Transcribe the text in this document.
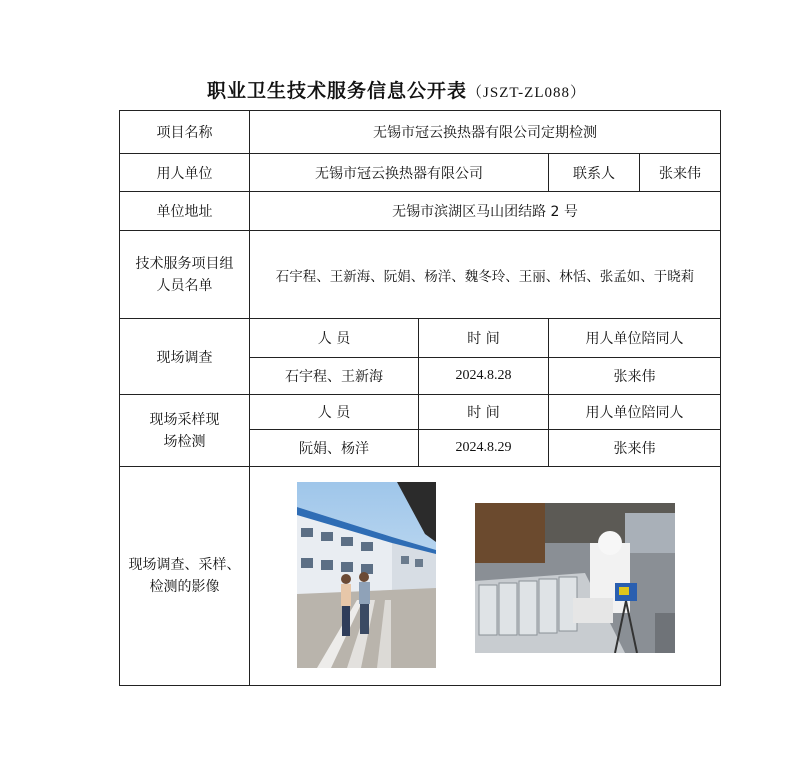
职业卫生技术服务信息公开表（JSZT-ZL088）
项目名称	无锡市冠云换热器有限公司定期检测			
用人单位	无锡市冠云换热器有限公司		联系人	张来伟
单位地址	无锡市滨湖区马山团结路 2 号			
技术服务项目组人员名单	石宇程、王新海、阮娟、杨洋、魏冬玲、王丽、林恬、张孟如、于晓莉			
现场调查	人 员	时 间	用人单位陪同人	
	石宇程、王新海	2024.8.28	张来伟	
现场采样现场检测	人 员	时 间	用人单位陪同人	
	阮娟、杨洋	2024.8.29	张来伟	
现场调查、采样、检测的影像	
